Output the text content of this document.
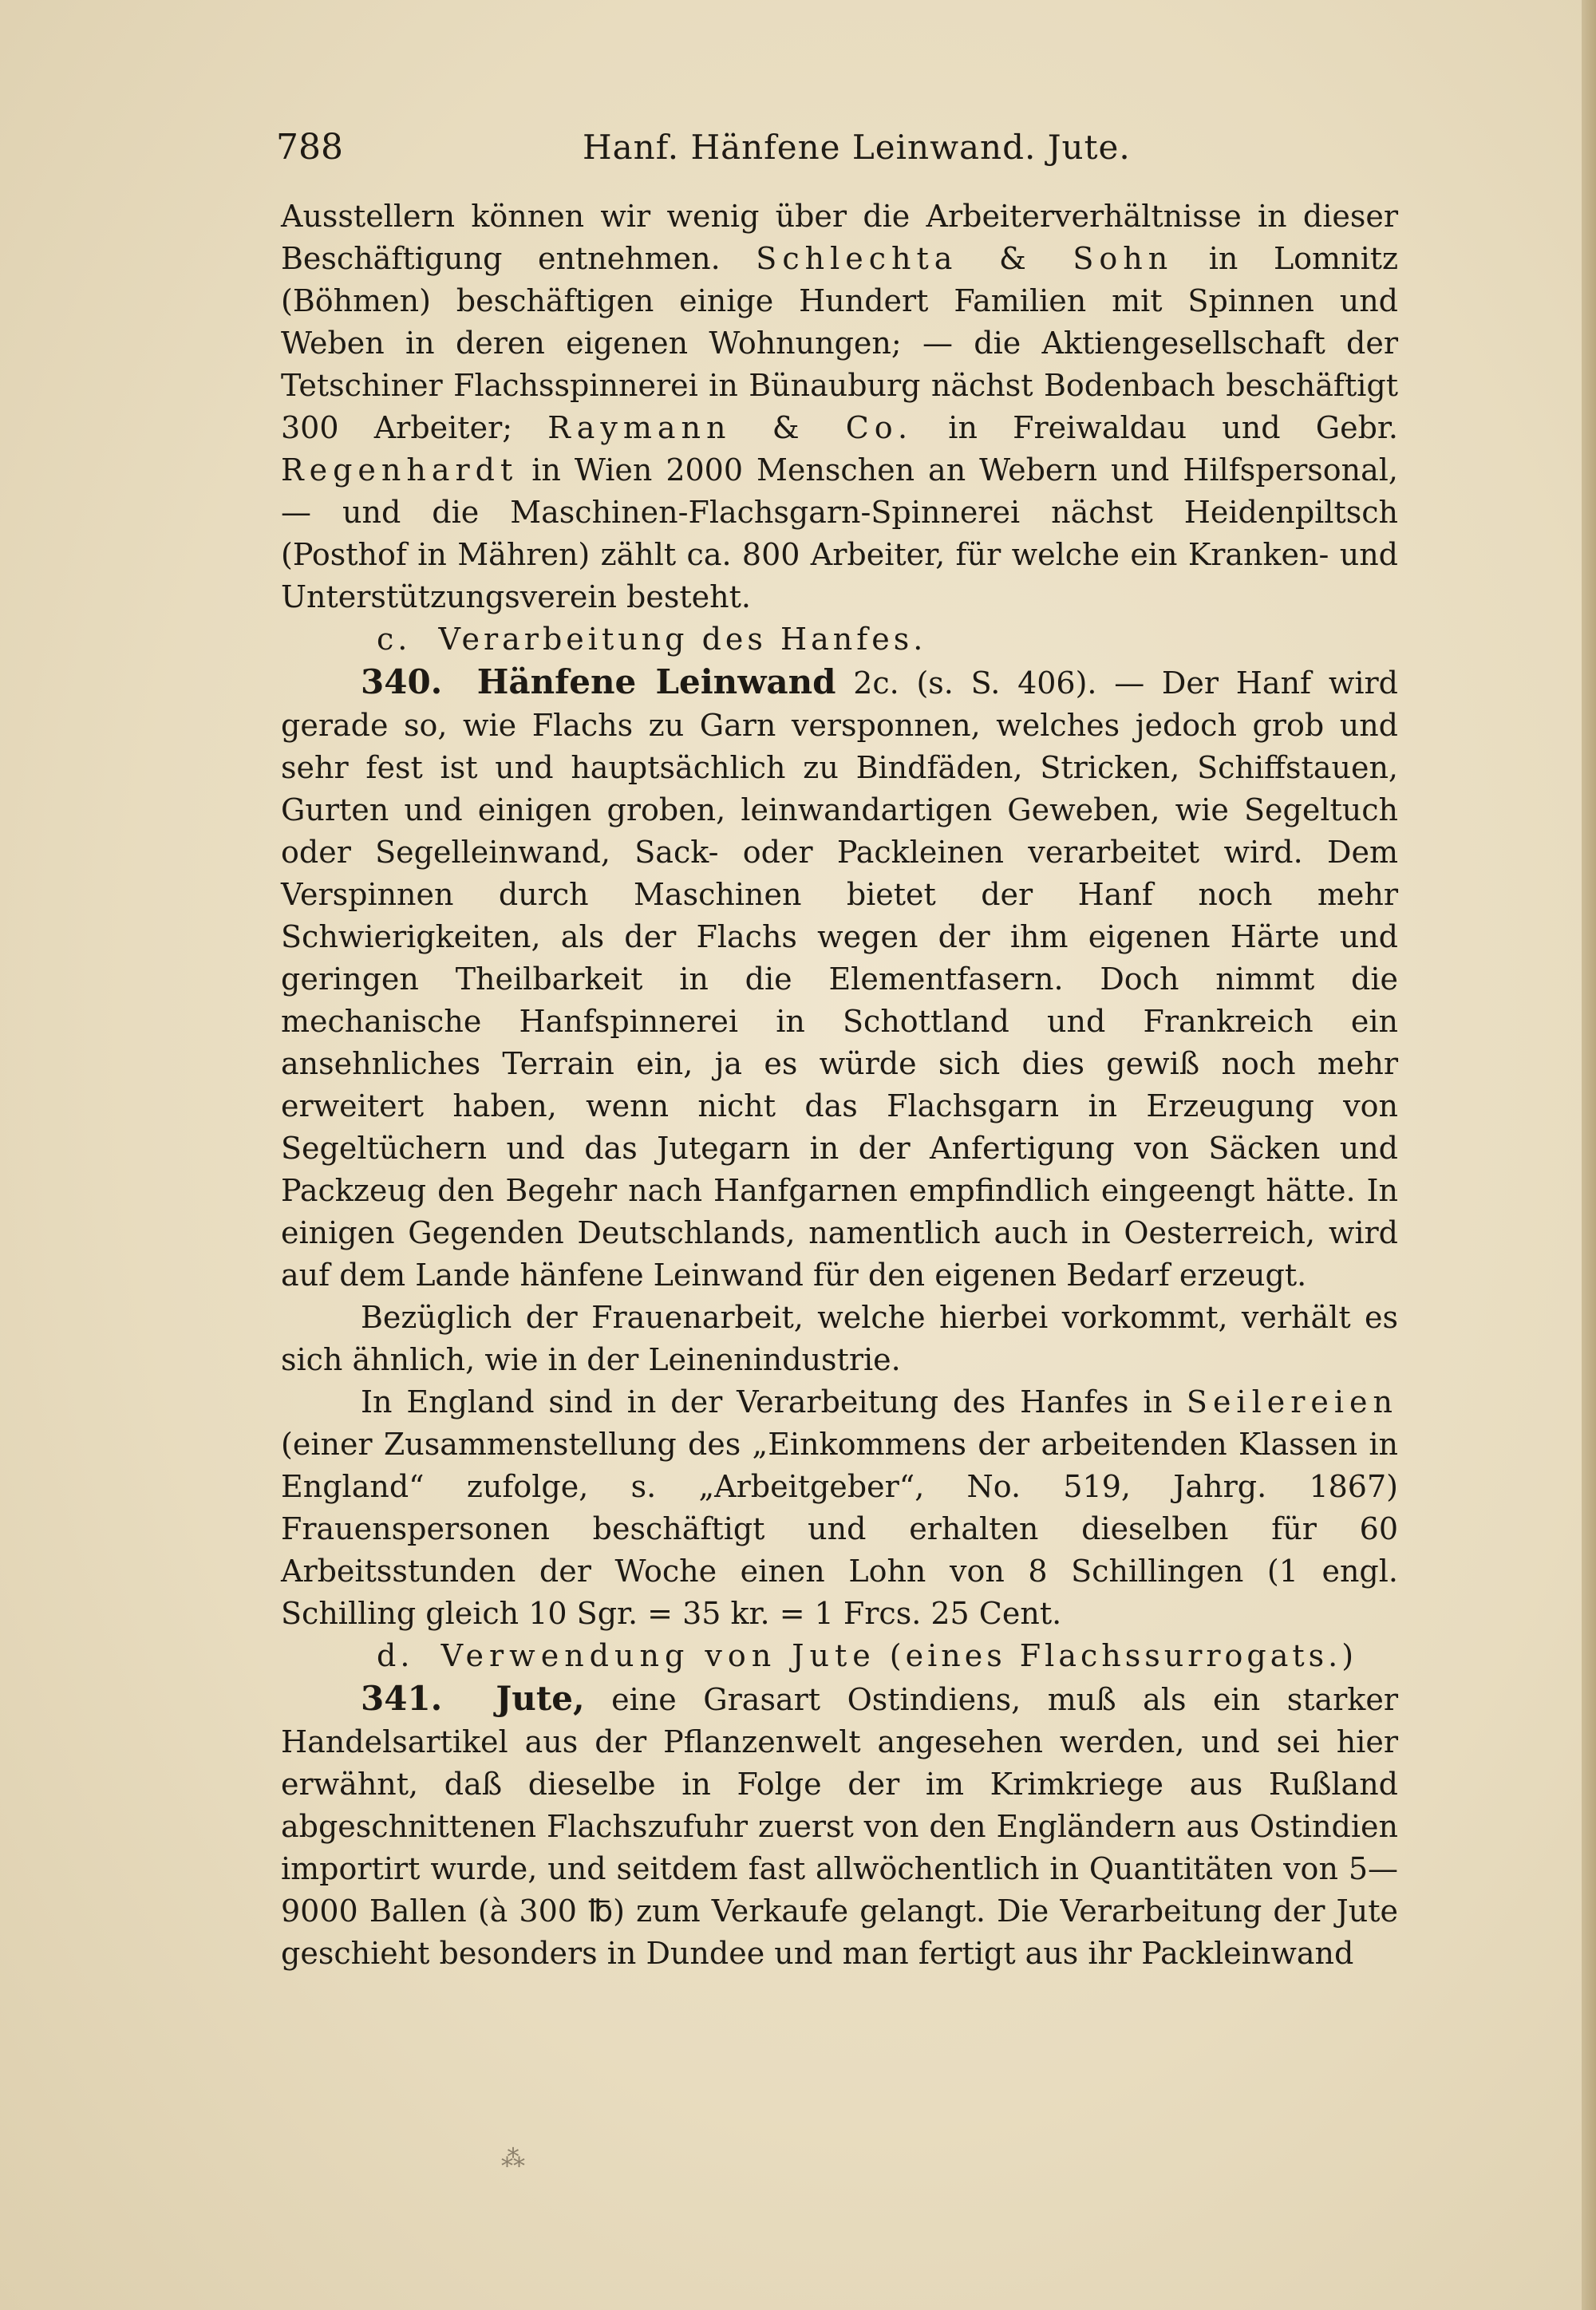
788	Hanf. Hänfene Leinwand. Jute.

Ausstellern können wir wenig über die Arbeiterverhältnisse in dieser Beschäftigung entnehmen. Schlechta & Sohn in Lomnitz (Böhmen) beschäftigen einige Hundert Familien mit Spinnen und Weben in deren eigenen Wohnungen; — die Aktiengesellschaft der Tetschiner Flachsspinnerei in Bünauburg nächst Bodenbach beschäftigt 300 Arbeiter; Raymann & Co. in Freiwaldau und Gebr. Regenhardt in Wien 2000 Menschen an Webern und Hilfspersonal, — und die Maschinen-Flachsgarn-Spinnerei nächst Heidenpiltsch (Posthof in Mähren) zählt ca. 800 Arbeiter, für welche ein Kranken- und Unterstützungsverein besteht.

c. Verarbeitung des Hanfes.

340. Hänfene Leinwand 2c. (s. S. 406). — Der Hanf wird gerade so, wie Flachs zu Garn versponnen, welches jedoch grob und sehr fest ist und hauptsächlich zu Bindfäden, Stricken, Schiffstauen, Gurten und einigen groben, leinwandartigen Geweben, wie Segeltuch oder Segelleinwand, Sack- oder Packleinen verarbeitet wird. Dem Verspinnen durch Maschinen bietet der Hanf noch mehr Schwierigkeiten, als der Flachs wegen der ihm eigenen Härte und geringen Theilbarkeit in die Elementfasern. Doch nimmt die mechanische Hanfspinnerei in Schottland und Frankreich ein ansehnliches Terrain ein, ja es würde sich dies gewiß noch mehr erweitert haben, wenn nicht das Flachsgarn in Erzeugung von Segeltüchern und das Jutegarn in der Anfertigung von Säcken und Packzeug den Begehr nach Hanfgarnen empfindlich eingeengt hätte. In einigen Gegenden Deutschlands, namentlich auch in Oesterreich, wird auf dem Lande hänfene Leinwand für den eigenen Bedarf erzeugt.

Bezüglich der Frauenarbeit, welche hierbei vorkommt, verhält es sich ähnlich, wie in der Leinenindustrie.

In England sind in der Verarbeitung des Hanfes in Seilereien (einer Zusammenstellung des „Einkommens der arbeitenden Klassen in England“ zufolge, s. „Arbeitgeber“, No. 519, Jahrg. 1867) Frauenspersonen beschäftigt und erhalten dieselben für 60 Arbeitsstunden der Woche einen Lohn von 8 Schillingen (1 engl. Schilling gleich 10 Sgr. = 35 kr. = 1 Frcs. 25 Cent.

d. Verwendung von Jute (eines Flachssurrogats.)

341. Jute, eine Grasart Ostindiens, muß als ein starker Handelsartikel aus der Pflanzenwelt angesehen werden, und sei hier erwähnt, daß dieselbe in Folge der im Krimkriege aus Rußland abgeschnittenen Flachszufuhr zuerst von den Engländern aus Ostindien importirt wurde, und seitdem fast allwöchentlich in Quantitäten von 5—9000 Ballen (à 300 ℔) zum Verkaufe gelangt. Die Verarbeitung der Jute geschieht besonders in Dundee und man fertigt aus ihr Packleinwand

⁂
